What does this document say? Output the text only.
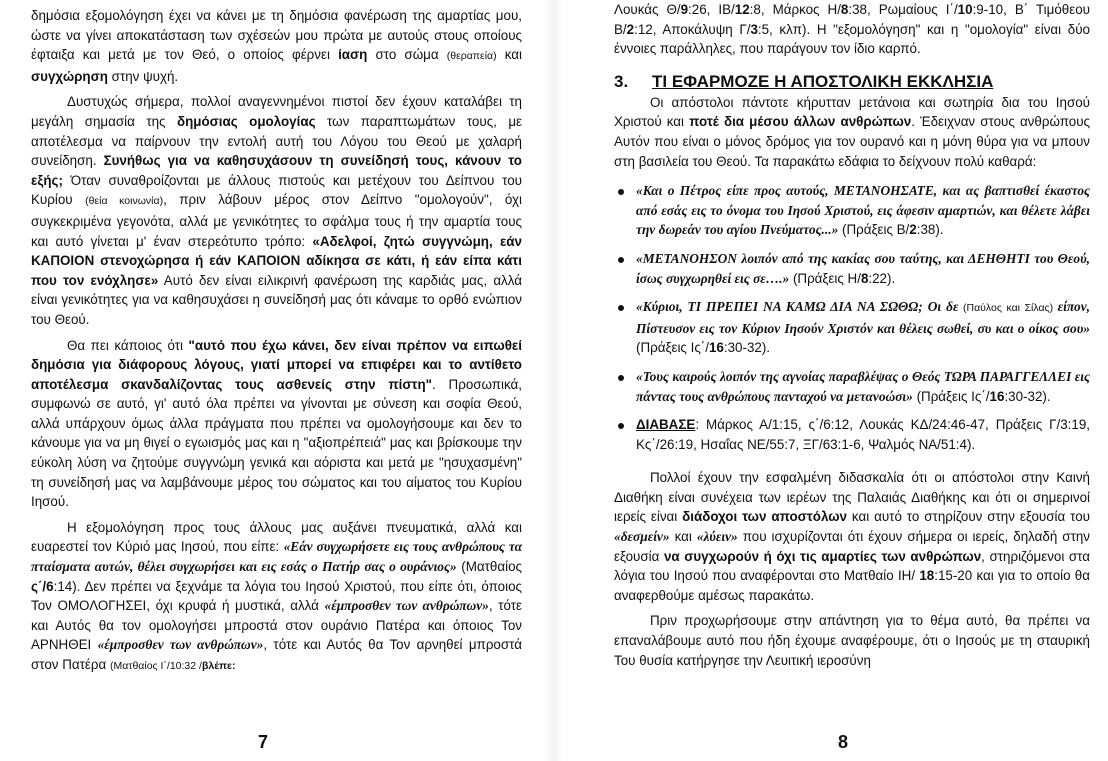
δημόσια εξομολόγηση έχει να κάνει με τη δημόσια φανέρωση της αμαρτίας μου, ώστε να γίνει αποκατάσταση των σχέσεών μου πρώτα με αυτούς στους οποίους έφταιξα και μετά με τον Θεό, ο οποίος φέρνει ίαση στο σώμα (θεραπεία) και συγχώρηση στην ψυχή.

Δυστυχώς σήμερα, πολλοί αναγεννημένοι πιστοί δεν έχουν καταλάβει τη μεγάλη σημασία της δημόσιας ομολογίας των παραπτωμάτων τους, με αποτέλεσμα να παίρνουν την εντολή αυτή του Λόγου του Θεού με χαλαρή συνείδηση. Συνήθως για να καθησυχάσουν τη συνείδησή τους, κάνουν το εξής; Όταν συναθροίζονται με άλλους πιστούς και μετέχουν του Δείπνου του Κυρίου (θεία κοινωνία), πριν λάβουν μέρος στον Δείπνο "ομολογούν", όχι συγκεκριμένα γεγονότα, αλλά με γενικότητες το σφάλμα τους ή την αμαρτία τους και αυτό γίνεται μ' έναν στερεότυπο τρόπο: «Αδελφοί, ζητώ συγγνώμη, εάν ΚΑΠΟΙΟΝ στενοχώρησα ή εάν ΚΑΠΟΙΟΝ αδίκησα σε κάτι, ή εάν είπα κάτι που τον ενόχλησε» Αυτό δεν είναι ειλικρινή φανέρωση της καρδιάς μας, αλλά είναι γενικότητες για να καθησυχάσει η συνείδησή μας ότι κάναμε το ορθό ενώπιον του Θεού.

Θα πει κάποιος ότι "αυτό που έχω κάνει, δεν είναι πρέπον να ειπωθεί δημόσια για διάφορους λόγους, γιατί μπορεί να επιφέρει και το αντίθετο αποτέλεσμα σκανδαλίζοντας τους ασθενείς στην πίστη". Προσωπικά, συμφωνώ σε αυτό, γι' αυτό όλα πρέπει να γίνονται με σύνεση και σοφία Θεού, αλλά υπάρχουν όμως άλλα πράγματα που πρέπει να ομολογήσουμε και δεν το κάνουμε για να μη θιγεί ο εγωισμός μας και η "αξιοπρέπειά" μας και βρίσκουμε την εύκολη λύση να ζητούμε συγγνώμη γενικά και αόριστα και μετά με "ησυχασμένη" τη συνείδησή μας να λαμβάνουμε μέρος του σώματος και του αίματος του Κυρίου Ιησού.

Η εξομολόγηση προς τους άλλους μας αυξάνει πνευματικά, αλλά και ευαρεστεί τον Κύριό μας Ιησού, που είπε: «Εάν συγχωρήσετε εις τους ανθρώπους τα πταίσματα αυτών, θέλει συγχωρήσει και εις εσάς ο Πατήρ σας ο ουράνιος» (Ματθαίος ς΄/6:14). Δεν πρέπει να ξεχνάμε τα λόγια του Ιησού Χριστού, που είπε ότι, όποιος Τον ΟΜΟΛΟΓΗΣΕΙ, όχι κρυφά ή μυστικά, αλλά «έμπροσθεν των ανθρώπων», τότε και Αυτός θα τον ομολογήσει μπροστά στον ουράνιο Πατέρα και όποιος Τον ΑΡΝΗΘΕΙ «έμπροσθεν των ανθρώπων», τότε και Αυτός θα Τον αρνηθεί μπροστά στον Πατέρα (Ματθαίος Ι΄/10:32 /βλέπε:

7

Λουκάς Θ/9:26, ΙΒ/12:8, Μάρκος Η/8:38, Ρωμαίους Ι΄/10:9-10, Β΄ Τιμόθεου Β/2:12, Αποκάλυψη Γ/3:5, κλπ). Η "εξομολόγηση" και η "ομολογία" είναι δύο έννοιες παράλληλες, που παράγουν τον ίδιο καρπό.

3. ΤΙ ΕΦΑΡΜΟΖΕ Η ΑΠΟΣΤΟΛΙΚΗ ΕΚΚΛΗΣΙΑ

Οι απόστολοι πάντοτε κήρυτταν μετάνοια και σωτηρία δια του Ιησού Χριστού και ποτέ δια μέσου άλλων ανθρώπων. Έδειχναν στους ανθρώπους Αυτόν που είναι ο μόνος δρόμος για τον ουρανό και η μόνη θύρα για να μπουν στη βασιλεία του Θεού. Τα παρακάτω εδάφια το δείχνουν πολύ καθαρά:

«Και ο Πέτρος είπε προς αυτούς, ΜΕΤΑΝΟΗΣΑΤΕ, και ας βαπτισθεί έκαστος από εσάς εις το όνομα του Ιησού Χριστού, εις άφεσιν αμαρτιών, και θέλετε λάβει την δωρεάν του αγίου Πνεύματος...» (Πράξεις Β/2:38).
«ΜΕΤΑΝΟΗΣΟΝ λοιπόν από της κακίας σου ταύτης, και ΔΕΗΘΗΤΙ του Θεού, ίσως συγχωρηθεί εις σε….» (Πράξεις Η/8:22).
«Κύριοι, ΤΙ ΠΡΕΠΕΙ ΝΑ ΚΑΜΩ ΔΙΑ ΝΑ ΣΩΘΩ; Οι δε (Παύλος και Σίλας) είπον, Πίστευσον εις τον Κύριον Ιησούν Χριστόν και θέλεις σωθεί, συ και ο οίκος σου» (Πράξεις Ις΄/16:30-32).
«Τους καιρούς λοιπόν της αγνοίας παραβλέψας ο Θεός ΤΩΡΑ ΠΑΡΑΓΓΕΛΛΕΙ εις πάντας τους ανθρώπους πανταχού να μετανοώσι» (Πράξεις Ις΄/16:30-32).
ΔΙΑΒΑΣΕ: Μάρκος Α/1:15, ς΄/6:12, Λουκάς ΚΔ/24:46-47, Πράξεις Γ/3:19, Κς΄/26:19, Ησαΐας ΝΕ/55:7, ΞΓ/63:1-6, Ψαλμός ΝΑ/51:4).

Πολλοί έχουν την εσφαλμένη διδασκαλία ότι οι απόστολοι στην Καινή Διαθήκη είναι συνέχεια των ιερέων της Παλαιάς Διαθήκης και ότι οι σημερινοί ιερείς είναι διάδοχοι των αποστόλων και αυτό το στηρίζουν στην εξουσία του «δεσμείν» και «λύειν» που ισχυρίζονται ότι έχουν σήμερα οι ιερείς, δηλαδή στην εξουσία να συγχωρούν ή όχι τις αμαρτίες των ανθρώπων, στηριζόμενοι στα λόγια του Ιησού που αναφέρονται στο Ματθαίο ΙΗ/ 18:15-20 και για το οποίο θα αναφερθούμε αμέσως παρακάτω.

Πριν προχωρήσουμε στην απάντηση για το θέμα αυτό, θα πρέπει να επαναλάβουμε αυτό που ήδη έχουμε αναφέρουμε, ότι ο Ιησούς με τη σταυρική Του θυσία κατήργησε την Λευιτική ιεροσύνη

8
